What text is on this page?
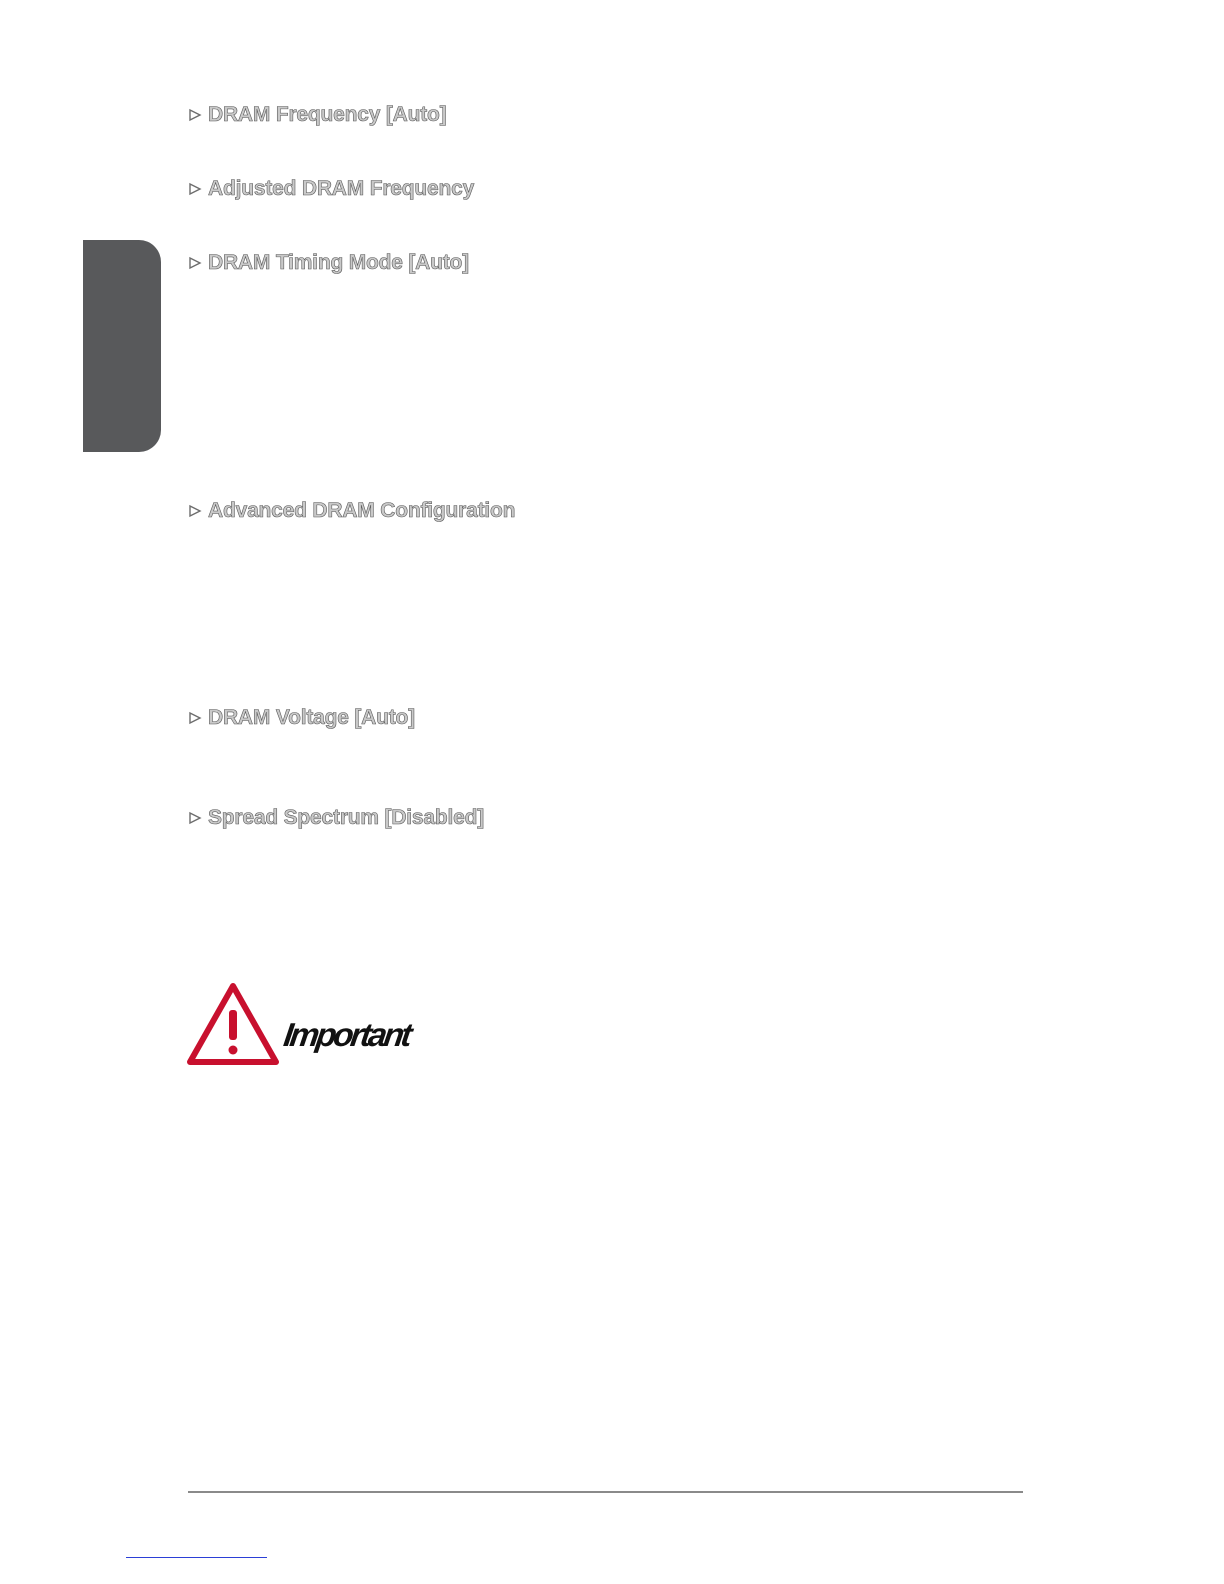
DRAM Frequency [Auto]
Adjusted DRAM Frequency
DRAM Timing Mode [Auto]
Advanced DRAM Configuration
DRAM Voltage [Auto]
Spread Spectrum [Disabled]
Important
